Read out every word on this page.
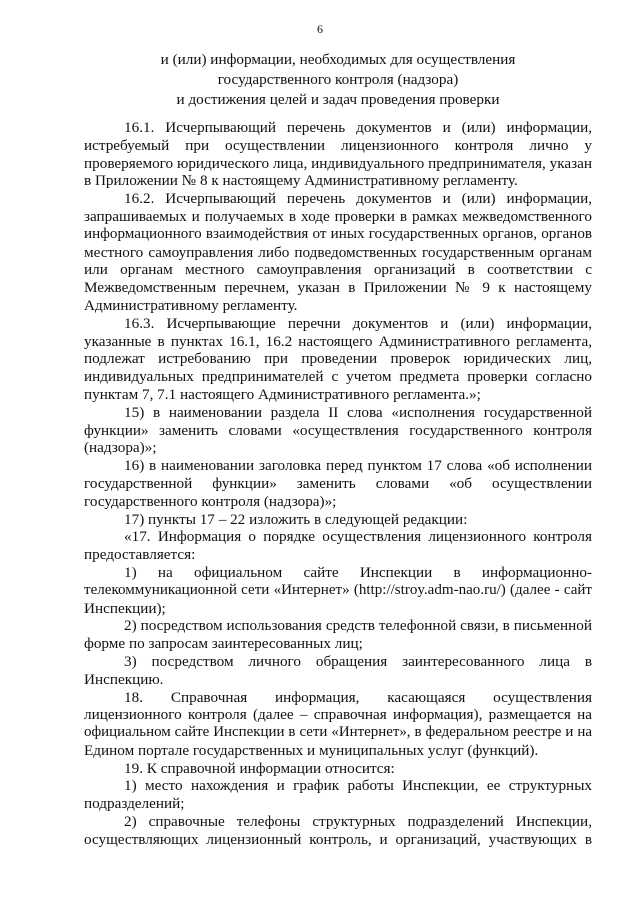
6
и (или) информации, необходимых для осуществления
государственного контроля (надзора)
и достижения целей и задач проведения проверки
16.1. Исчерпывающий перечень документов и (или) информации,
истребуемый при осуществлении лицензионного контроля лично у
проверяемого юридического лица, индивидуального предпринимателя, указан
в Приложении № 8 к настоящему Административному регламенту.
16.2. Исчерпывающий перечень документов и (или) информации,
запрашиваемых и получаемых в ходе проверки в рамках межведомственного
информационного взаимодействия от иных государственных органов, органов
местного самоуправления либо подведомственных государственным органам
или органам местного самоуправления организаций в соответствии с
Межведомственным перечнем, указан в Приложении № 9 к настоящему
Административному регламенту.
16.3. Исчерпывающие перечни документов и (или) информации,
указанные в пунктах 16.1, 16.2 настоящего Административного регламента,
подлежат истребованию при проведении проверок юридических лиц,
индивидуальных предпринимателей с учетом предмета проверки согласно
пунктам 7, 7.1 настоящего Административного регламента.»;
15) в наименовании раздела II слова «исполнения государственной
функции» заменить словами «осуществления государственного контроля
(надзора)»;
16) в наименовании заголовка перед пунктом 17 слова «об исполнении
государственной функции» заменить словами «об осуществлении
государственного контроля (надзора)»;
17) пункты 17 – 22 изложить в следующей редакции:
«17. Информация о порядке осуществления лицензионного контроля
предоставляется:
1) на официальном сайте Инспекции в информационно-
телекоммуникационной сети «Интернет» (http://stroy.adm-nao.ru/) (далее - сайт
Инспекции);
2) посредством использования средств телефонной связи, в письменной
форме по запросам заинтересованных лиц;
3) посредством личного обращения заинтересованного лица в
Инспекцию.
18. Справочная информация, касающаяся осуществления
лицензионного контроля (далее – справочная информация), размещается на
официальном сайте Инспекции в сети «Интернет», в федеральном реестре и на
Едином портале государственных и муниципальных услуг (функций).
19. К справочной информации относится:
1) место нахождения и график работы Инспекции, ее структурных
подразделений;
2) справочные телефоны структурных подразделений Инспекции,
осуществляющих лицензионный контроль, и организаций, участвующих в
